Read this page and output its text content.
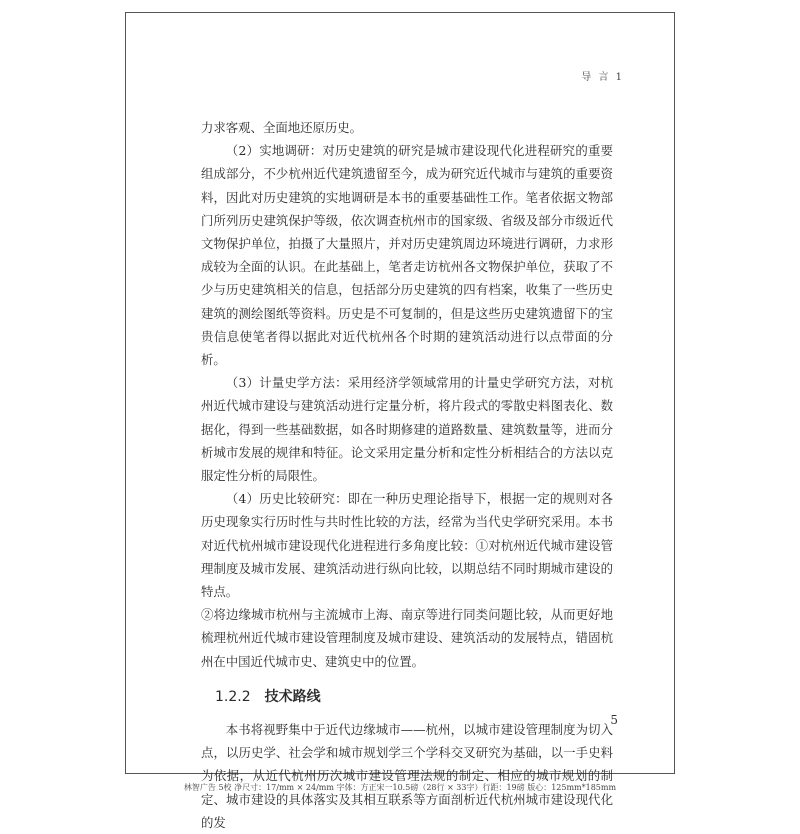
导 言 1

力求客观、全面地还原历史。

（2）实地调研：对历史建筑的研究是城市建设现代化进程研究的重要组成部分，不少杭州近代建筑遗留至今，成为研究近代城市与建筑的重要资料，因此对历史建筑的实地调研是本书的重要基础性工作。笔者依据文物部门所列历史建筑保护等级，依次调查杭州市的国家级、省级及部分市级近代文物保护单位，拍摄了大量照片，并对历史建筑周边环境进行调研，力求形成较为全面的认识。在此基础上，笔者走访杭州各文物保护单位，获取了不少与历史建筑相关的信息，包括部分历史建筑的四有档案，收集了一些历史建筑的测绘图纸等资料。历史是不可复制的，但是这些历史建筑遗留下的宝贵信息使笔者得以据此对近代杭州各个时期的建筑活动进行以点带面的分析。

（3）计量史学方法：采用经济学领域常用的计量史学研究方法，对杭州近代城市建设与建筑活动进行定量分析，将片段式的零散史料图表化、数据化，得到一些基础数据，如各时期修建的道路数量、建筑数量等，进而分析城市发展的规律和特征。论文采用定量分析和定性分析相结合的方法以克服定性分析的局限性。

（4）历史比较研究：即在一种历史理论指导下，根据一定的规则对各历史现象实行历时性与共时性比较的方法，经常为当代史学研究采用。本书对近代杭州城市建设现代化进程进行多角度比较：①对杭州近代城市建设管理制度及城市发展、建筑活动进行纵向比较，以期总结不同时期城市建设的特点。

②将边缘城市杭州与主流城市上海、南京等进行同类问题比较，从而更好地梳理杭州近代城市建设管理制度及城市建设、建筑活动的发展特点，错固杭州在中国近代城市史、建筑史中的位置。

1.2.2 技术路线

本书将视野集中于近代边缘城市——杭州，以城市建设管理制度为切入点，以历史学、社会学和城市规划学三个学科交叉研究为基础，以一手史料为依据，从近代杭州历次城市建设管理法规的制定、相应的城市规划的制定、城市建设的具体落实及其相互联系等方面剖析近代杭州城市建设现代化的发

5
林智广告 5校 净尺寸：17/mm × 24/mm 字体：方正宋一10.5磅（28行 × 33字）行距：19磅 版心：125mm*185mm
